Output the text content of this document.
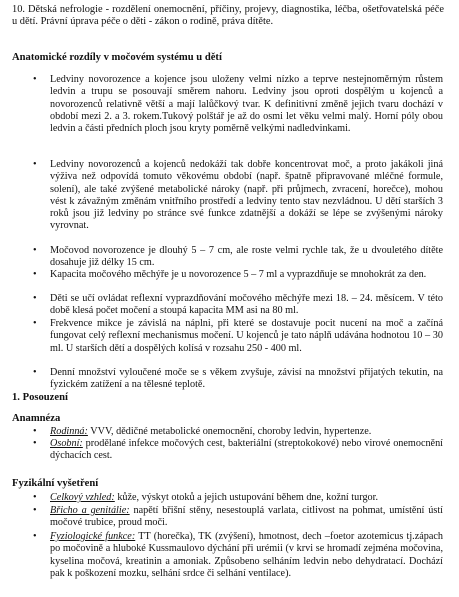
10. Dětská nefrologie - rozdělení onemocnění, příčiny, projevy, diagnostika, léčba, ošetřovatelská péče u dětí. Právní úprava péče o děti - zákon o rodině, práva dítěte.
Anatomické rozdíly v močovém systému u dětí
• Ledviny novorozence a kojence jsou uloženy velmi nízko a teprve nestejnoměrným růstem ledvin a trupu se posouvají směrem nahoru. Ledviny jsou oproti dospělým u kojenců a novorozenců relativně větší a mají lalůčkový tvar. K definitivní změně jejich tvaru dochází v období mezi 2. a 3. rokem.Tukový polštář je až do osmi let věku velmi malý. Horní póly obou ledvin a části předních ploch jsou kryty poměrně velkými nadledvinkami.
• Ledviny novorozenců a kojenců nedokáží tak dobře koncentrovat moč, a proto jakákoli jiná výživa než odpovídá tomuto věkovému období (např. špatně připravované mléčné formule, solení), ale také zvýšené metabolické nároky (např. při průjmech, zvracení, horečce), mohou vést k závažným změnám vnitřního prostředí a ledviny tento stav nezvládnou. U dětí starších 3 roků jsou již ledviny po stránce své funkce zdatnější a dokáží se lépe se zvýšenými nároky vyrovnat.
• Močovod novorozence je dlouhý 5 – 7 cm, ale roste velmi rychle tak, že u dvouletého dítěte dosahuje již délky 15 cm.
• Kapacita močového měchýře je u novorozence 5 – 7 ml a vyprazdňuje se mnohokrát za den.
• Děti se učí ovládat reflexní vyprazdňování močového měchýře mezi 18. – 24. měsícem. V této době klesá počet močení a stoupá kapacita MM asi na 80 ml.
• Frekvence mikce je závislá na náplni, při které se dostavuje pocit nucení na moč a začíná fungovat celý reflexní mechanismus močení. U kojenců je tato náplň udávána hodnotou 10 – 30 ml. U starších dětí a dospělých kolísá v rozsahu 250 - 400 ml.
• Denní množství vyloučené moče se s věkem zvyšuje, závisí na množství přijatých tekutin, na fyzickém zatížení a na tělesné teplotě.
1. Posouzení
Anamnéza
• Rodinná: VVV, dědičné metabolické onemocnění, choroby ledvin, hypertenze.
• Osobní: prodělané infekce močových cest, bakteriální (streptokokové) nebo virové onemocnění dýchacích cest.
Fyzikální vyšetření
• Celkový vzhled: kůže, výskyt otoků a jejich ustupování během dne, kožní turgor.
• Břicho a genitálie: napětí břišní stěny, nesestouplá varlata, citlivost na pohmat, umístění ústí močové trubice, proud moči.
• Fyziologické funkce: TT (horečka), TK (zvýšení), hmotnost, dech –foetor azotemicus tj.zápach po močovině a hluboké Kussmaulovo dýchání při urémii (v krvi se hromadí zejména močovina, kyselina močová, kreatinin a amoniak. Způsobeno selháním ledvin nebo dehydratací. Dochází pak k poškození mozku, selhání srdce či selhání ventilace).
